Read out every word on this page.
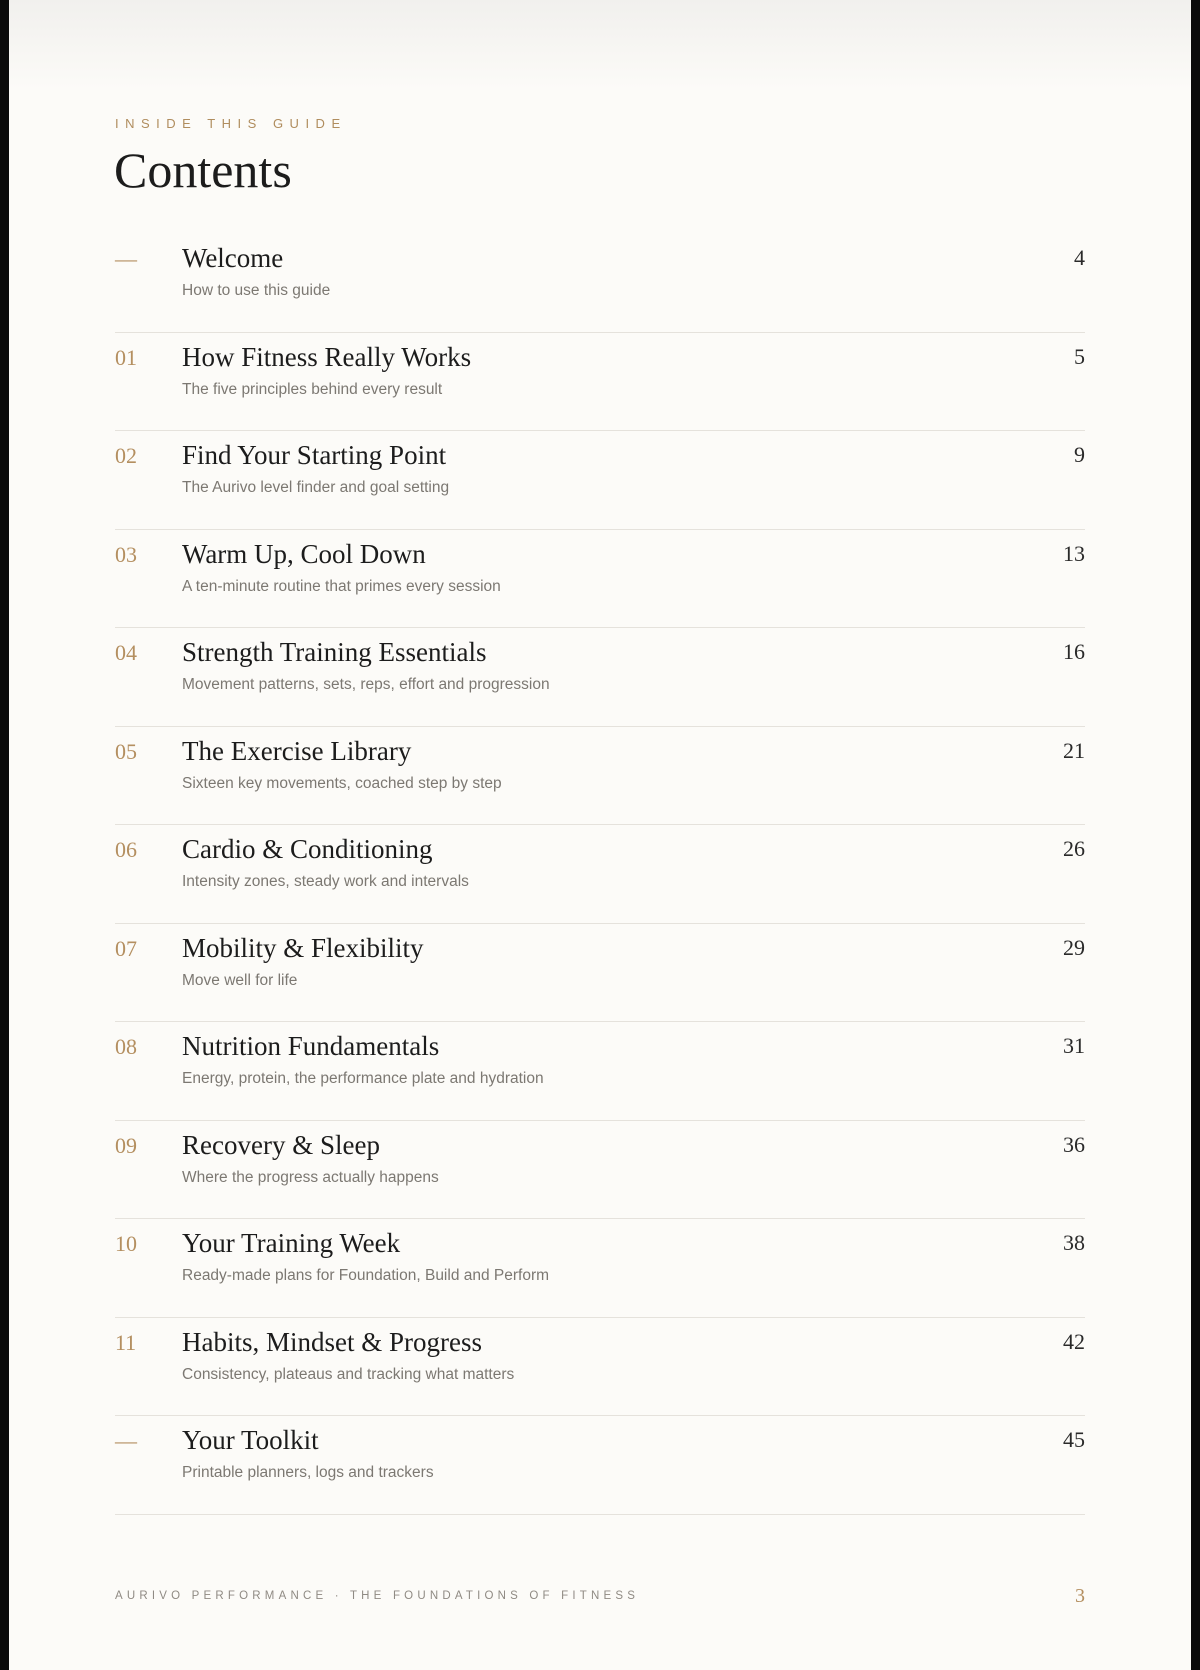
INSIDE THIS GUIDE
Contents
— Welcome
How to use this guide
4
01 How Fitness Really Works
The five principles behind every result
5
02 Find Your Starting Point
The Aurivo level finder and goal setting
9
03 Warm Up, Cool Down
A ten-minute routine that primes every session
13
04 Strength Training Essentials
Movement patterns, sets, reps, effort and progression
16
05 The Exercise Library
Sixteen key movements, coached step by step
21
06 Cardio & Conditioning
Intensity zones, steady work and intervals
26
07 Mobility & Flexibility
Move well for life
29
08 Nutrition Fundamentals
Energy, protein, the performance plate and hydration
31
09 Recovery & Sleep
Where the progress actually happens
36
10 Your Training Week
Ready-made plans for Foundation, Build and Perform
38
11 Habits, Mindset & Progress
Consistency, plateaus and tracking what matters
42
— Your Toolkit
Printable planners, logs and trackers
45
AURIVO PERFORMANCE · THE FOUNDATIONS OF FITNESS	3
